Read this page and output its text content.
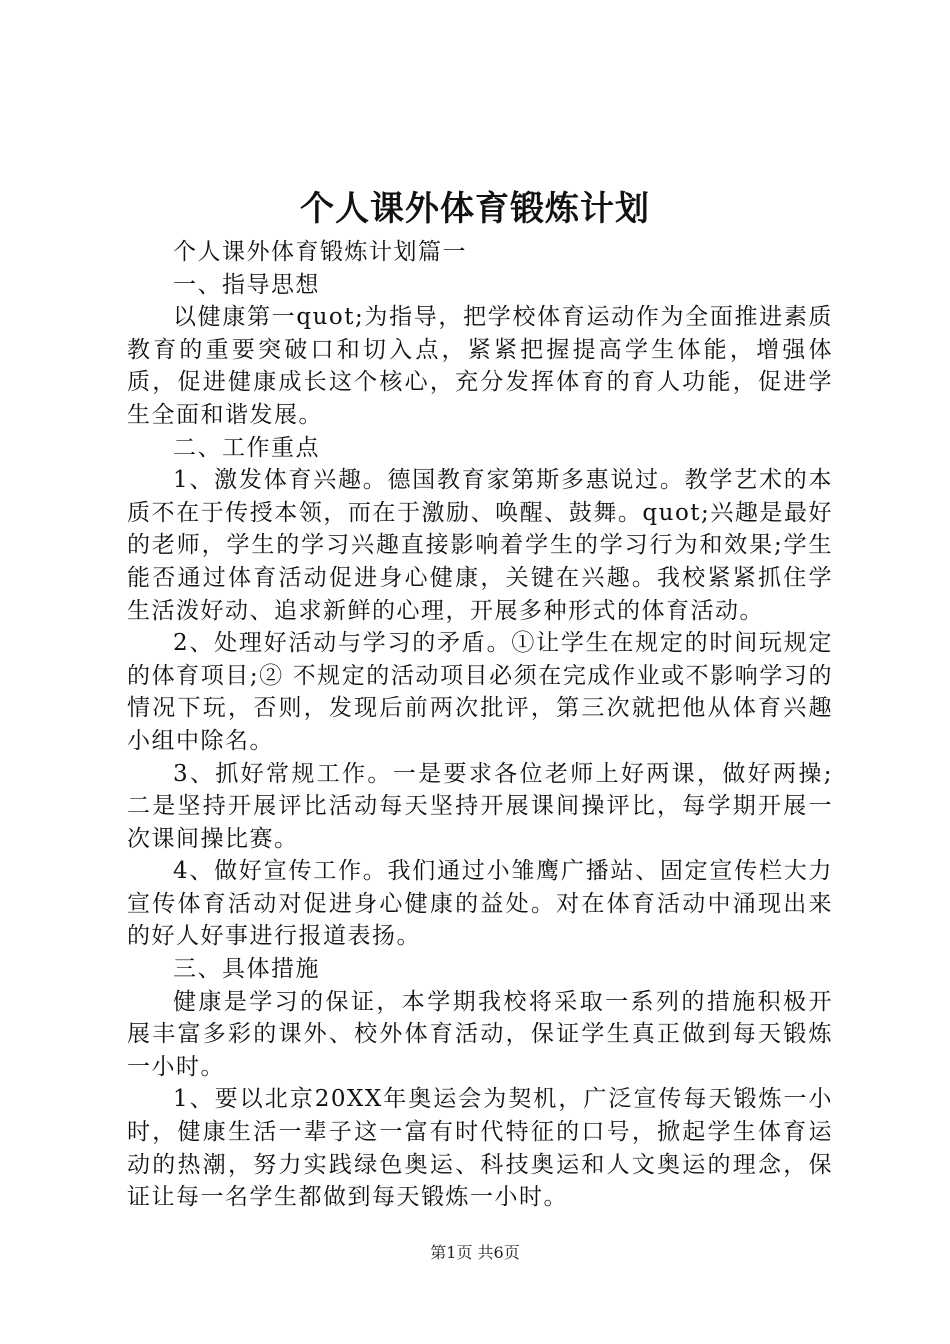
个人课外体育锻炼计划

个人课外体育锻炼计划篇一

一、指导思想

以健康第一quot;为指导，把学校体育运动作为全面推进素质教育的重要突破口和切入点，紧紧把握提高学生体能，增强体质，促进健康成长这个核心，充分发挥体育的育人功能，促进学生全面和谐发展。

二、工作重点

1、激发体育兴趣。德国教育家第斯多惠说过。教学艺术的本质不在于传授本领，而在于激励、唤醒、鼓舞。quot;兴趣是最好的老师，学生的学习兴趣直接影响着学生的学习行为和效果;学生能否通过体育活动促进身心健康，关键在兴趣。我校紧紧抓住学生活泼好动、追求新鲜的心理，开展多种形式的体育活动。

2、处理好活动与学习的矛盾。①让学生在规定的时间玩规定的体育项目;② 不规定的活动项目必须在完成作业或不影响学习的情况下玩，否则，发现后前两次批评，第三次就把他从体育兴趣小组中除名。

3、抓好常规工作。一是要求各位老师上好两课，做好两操;二是坚持开展评比活动每天坚持开展课间操评比，每学期开展一次课间操比赛。

4、做好宣传工作。我们通过小雏鹰广播站、固定宣传栏大力宣传体育活动对促进身心健康的益处。对在体育活动中涌现出来的好人好事进行报道表扬。

三、具体措施

健康是学习的保证，本学期我校将采取一系列的措施积极开展丰富多彩的课外、校外体育活动，保证学生真正做到每天锻炼一小时。

1、要以北京20XX年奥运会为契机，广泛宣传每天锻炼一小时，健康生活一辈子这一富有时代特征的口号，掀起学生体育运动的热潮，努力实践绿色奥运、科技奥运和人文奥运的理念，保证让每一名学生都做到每天锻炼一小时。

第1页 共6页
